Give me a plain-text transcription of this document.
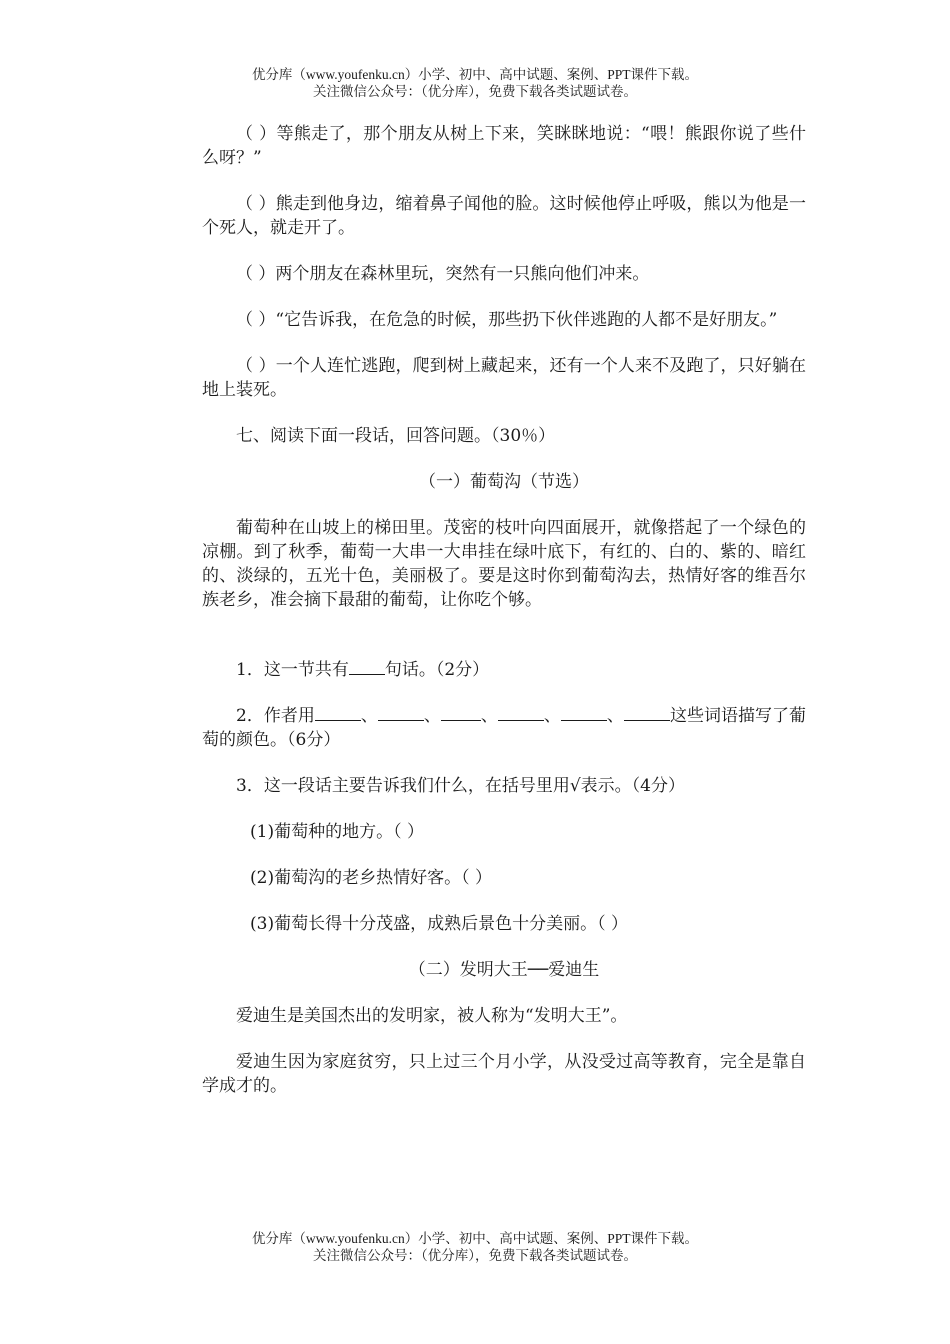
优分库（www.youfenku.cn）小学、初中、高中试题、案例、PPT课件下载。
关注微信公众号：（优分库），免费下载各类试题试卷。
（ ）等熊走了，那个朋友从树上下来，笑眯眯地说：“喂！熊跟你说了些什么呀？”
（ ）熊走到他身边，缩着鼻子闻他的脸。这时候他停止呼吸，熊以为他是一个死人，就走开了。
（ ）两个朋友在森林里玩，突然有一只熊向他们冲来。
（ ）“它告诉我，在危急的时候，那些扔下伙伴逃跑的人都不是好朋友。”
（ ）一个人连忙逃跑，爬到树上藏起来，还有一个人来不及跑了，只好躺在地上装死。
七、阅读下面一段话，回答问题。（30％）
（一）葡萄沟（节选）
葡萄种在山坡上的梯田里。茂密的枝叶向四面展开，就像搭起了一个绿色的凉棚。到了秋季，葡萄一大串一大串挂在绿叶底下，有红的、白的、紫的、暗红的、淡绿的，五光十色，美丽极了。要是这时你到葡萄沟去，热情好客的维吾尔族老乡，准会摘下最甜的葡萄，让你吃个够。
1．这一节共有 句话。（2分）
2．作者用	、	、 、	、	、	这些词语描写了葡萄的颜色。（6分）
3．这一段话主要告诉我们什么，在括号里用√表示。（4分）
(1)葡萄种的地方。（ ）
(2)葡萄沟的老乡热情好客。（ ）
(3)葡萄长得十分茂盛，成熟后景色十分美丽。（ ）
（二）发明大王──爱迪生
爱迪生是美国杰出的发明家，被人称为“发明大王”。
爱迪生因为家庭贫穷，只上过三个月小学，从没受过高等教育，完全是靠自学成才的。
优分库（www.youfenku.cn）小学、初中、高中试题、案例、PPT课件下载。
关注微信公众号：（优分库），免费下载各类试题试卷。
